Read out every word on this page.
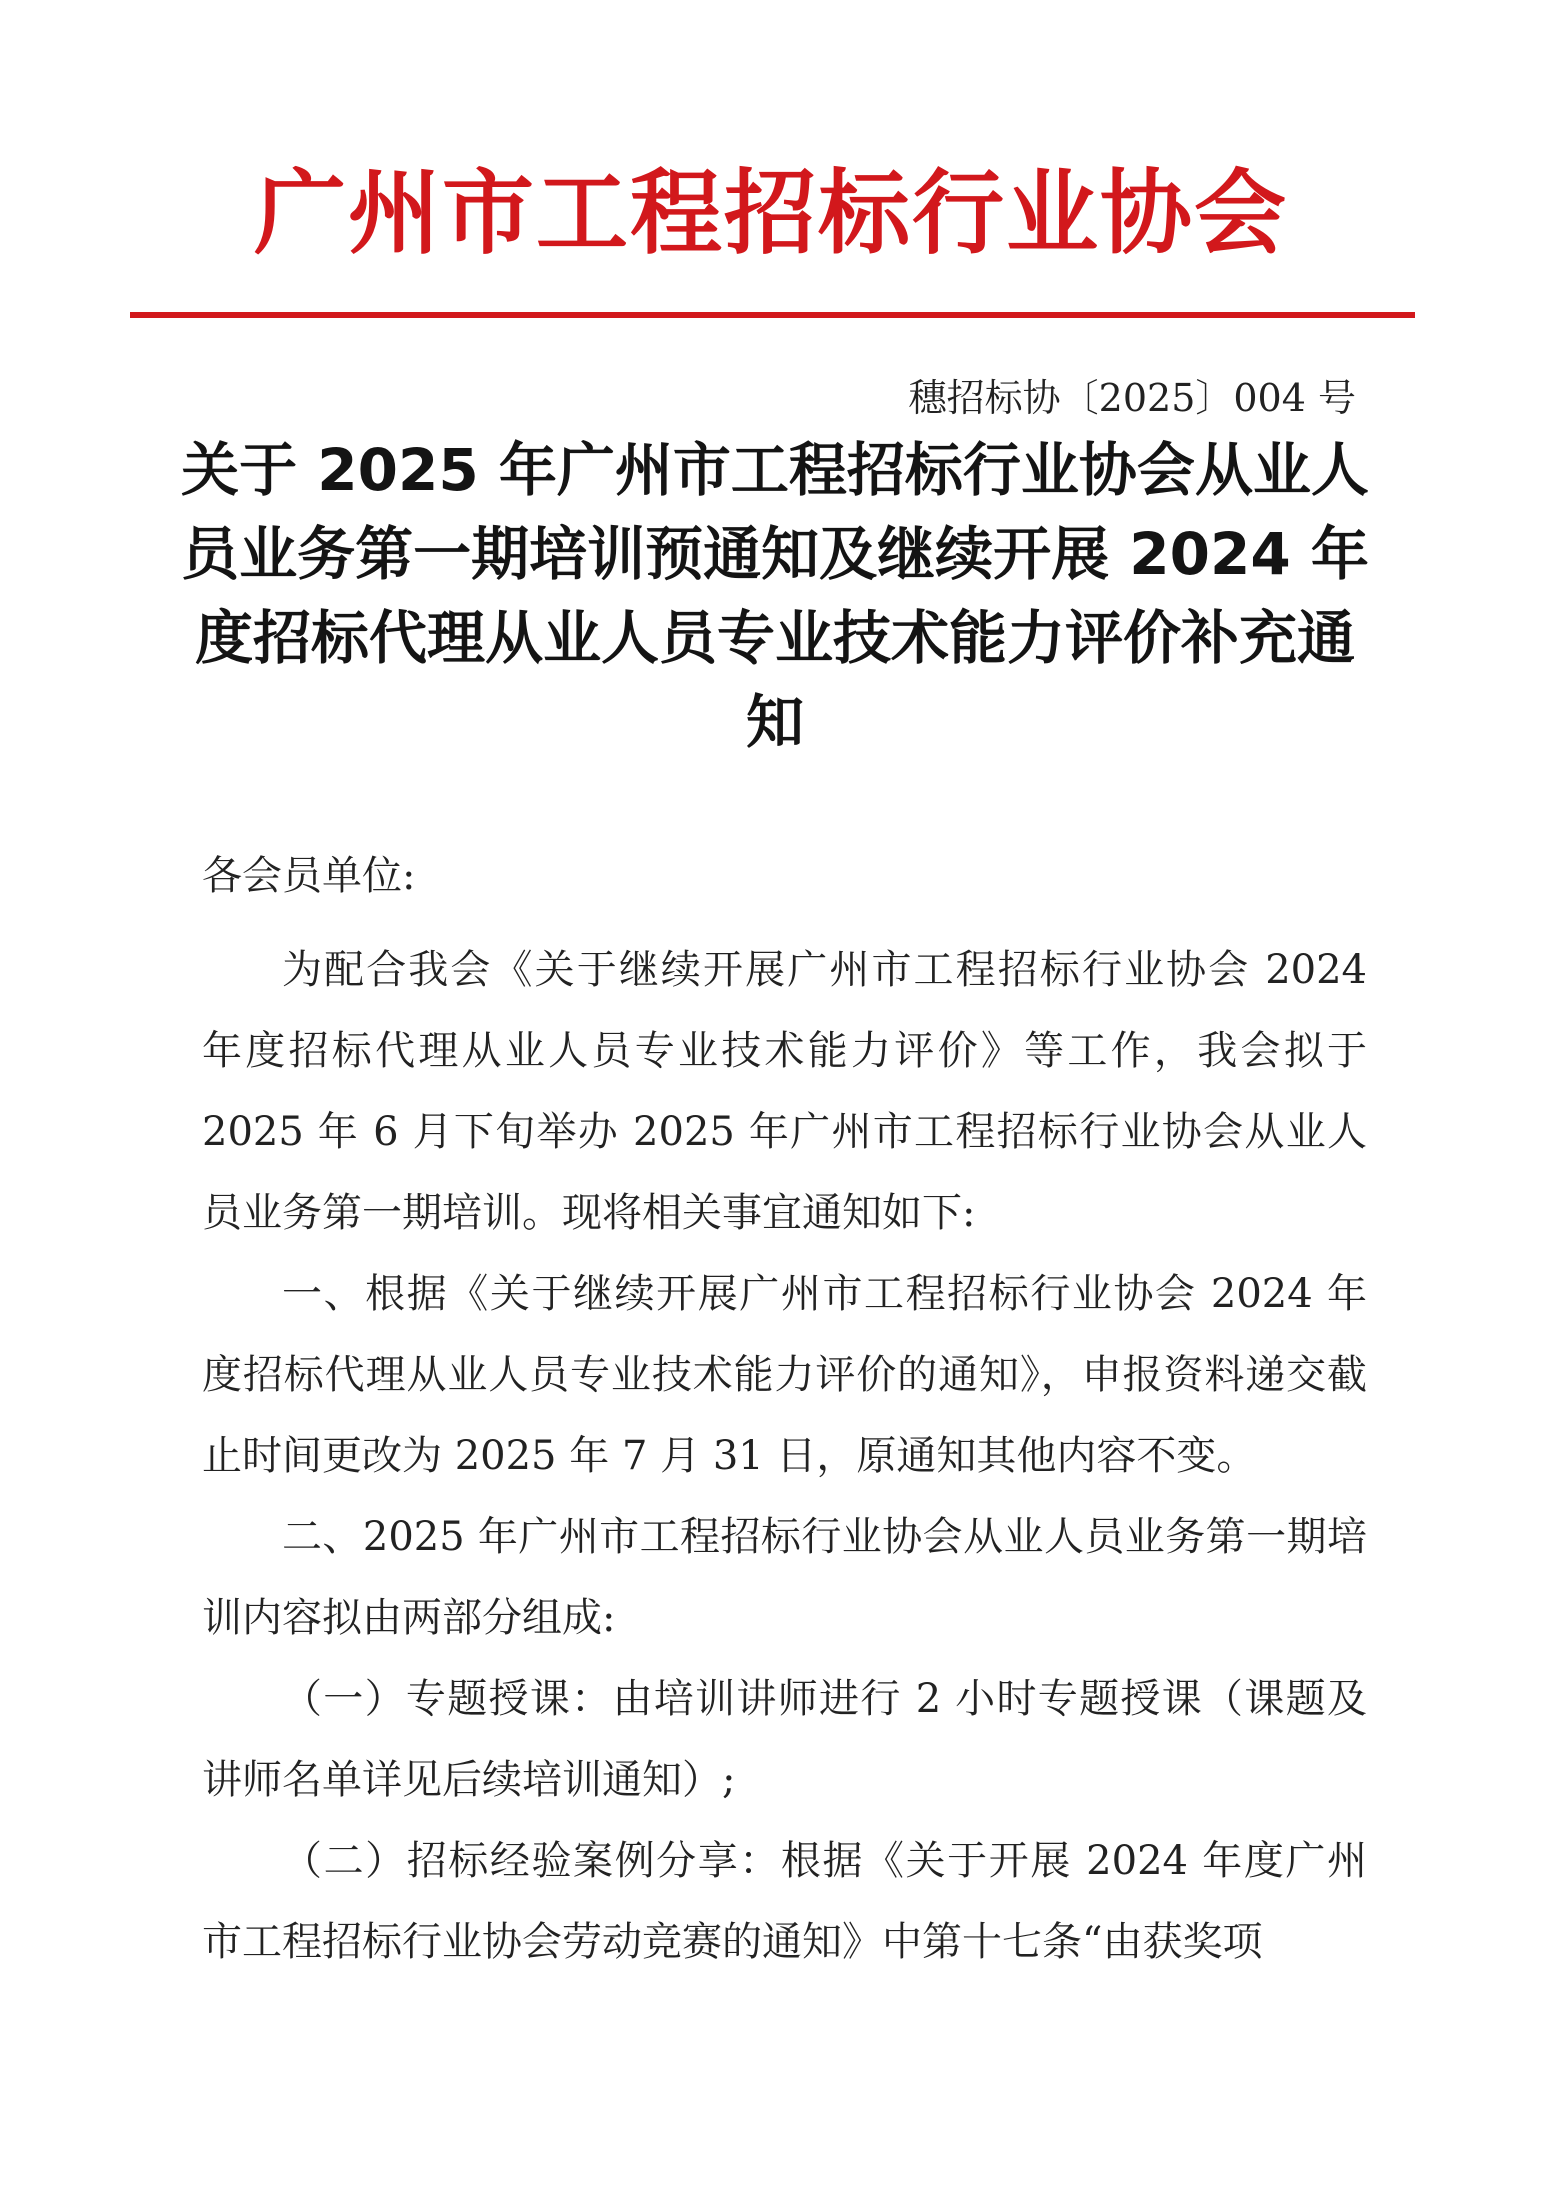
广州市工程招标行业协会
穗招标协〔2025〕004 号
关于 2025 年广州市工程招标行业协会从业人员业务第一期培训预通知及继续开展 2024 年度招标代理从业人员专业技术能力评价补充通知
各会员单位:

为配合我会《关于继续开展广州市工程招标行业协会 2024 年度招标代理从业人员专业技术能力评价》等工作，我会拟于 2025 年 6 月下旬举办 2025 年广州市工程招标行业协会从业人员业务第一期培训。现将相关事宜通知如下:

一、根据《关于继续开展广州市工程招标行业协会 2024 年度招标代理从业人员专业技术能力评价的通知》，申报资料递交截止时间更改为 2025 年 7 月 31 日，原通知其他内容不变。

二、2025 年广州市工程招标行业协会从业人员业务第一期培训内容拟由两部分组成:

（一）专题授课：由培训讲师进行 2 小时专题授课（课题及讲师名单详见后续培训通知）;

（二）招标经验案例分享：根据《关于开展 2024 年度广州市工程招标行业协会劳动竞赛的通知》中第十七条“由获奖项
